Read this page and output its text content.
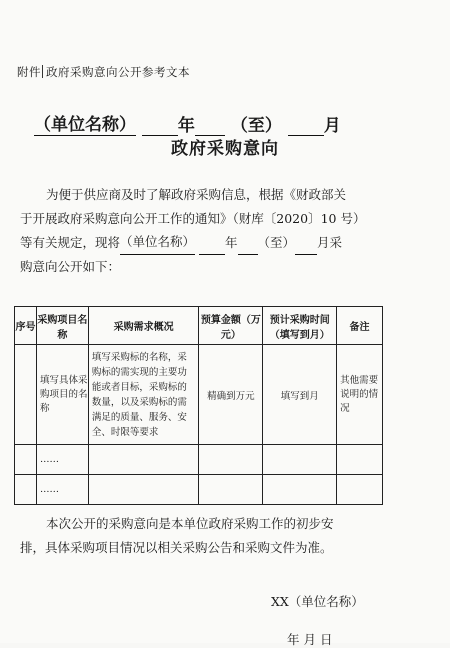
附件 政府采购意向公开参考文本
（单位名称） 年 （至） 月
政府采购意向
为便于供应商及时了解政府采购信息，根据《财政部关
于开展政府采购意向公开工作的通知》（财库〔2020〕10 号）
等有关规定，现将（单位名称） 年 （至） 月采
购意向公开如下：
序号	采购项目名称	采购需求概况	预算金额（万元）	预计采购时间（填写到月）	备注
	填写具体采购项目的名称	填写采购标的名称，采购标的需实现的主要功能或者目标，采购标的数量，以及采购标的需满足的质量、服务、安全、时限等要求	精确到万元	填写到月	其他需要说明的情况
	……				
	……				
本次公开的采购意向是本单位政府采购工作的初步安
排，具体采购项目情况以相关采购公告和采购文件为准。
XX（单位名称）
年 月 日
